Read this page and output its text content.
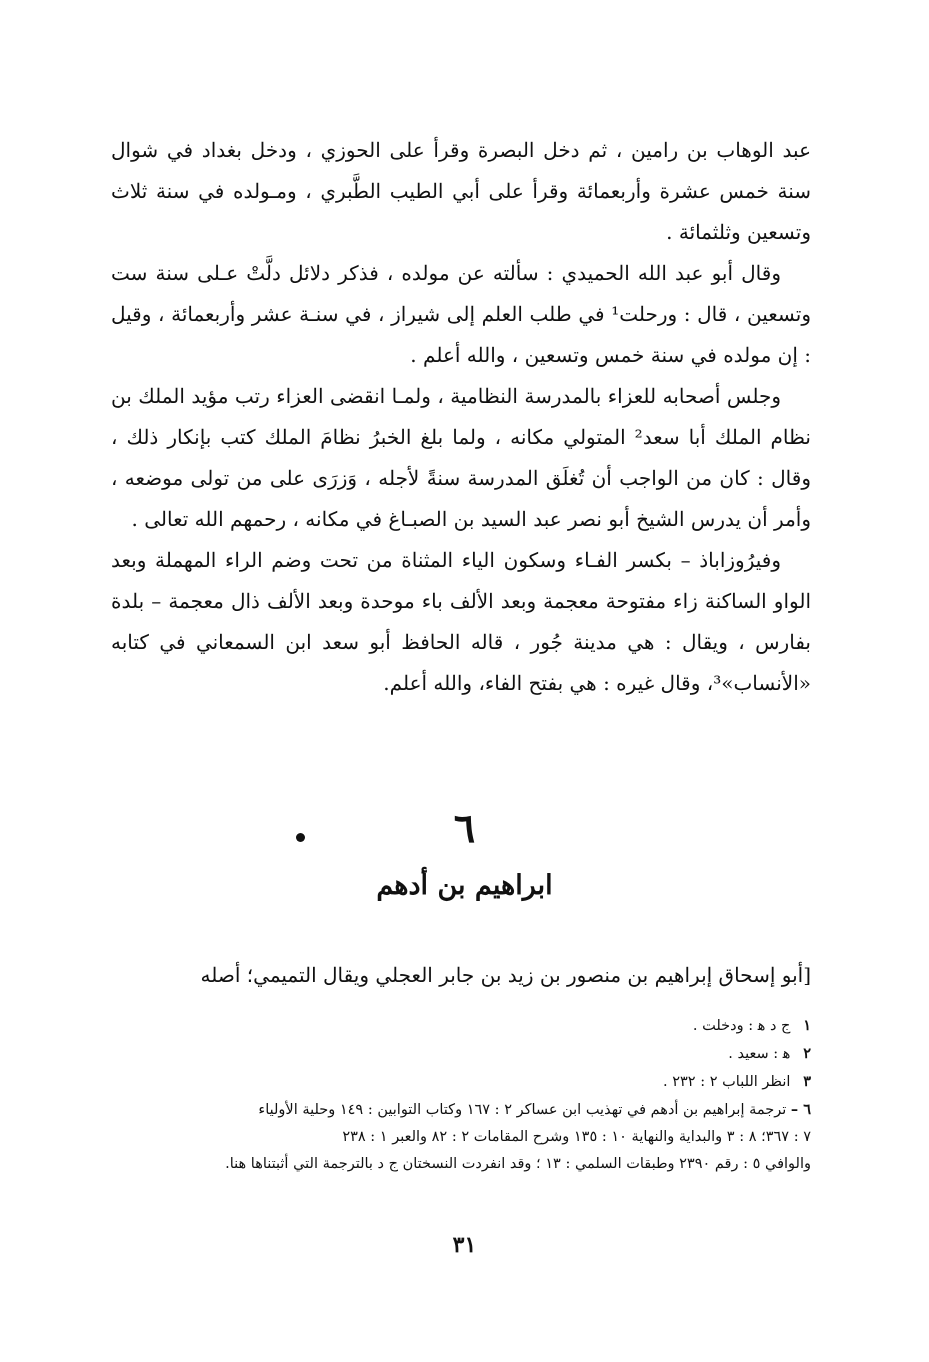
عبد الوهاب بن رامين ، ثم دخل البصرة وقرأ على الحوزي ، ودخل بغداد في شوال سنة خمس عشرة وأربعمائة وقرأ على أبي الطيب الطَّبري ، ومـولده في سنة ثلاث وتسعين وثلثمائة .

وقال أبو عبد الله الحميدي : سألته عن مولده ، فذكر دلائل دلَّتْ عـلى سنة ست وتسعين ، قال : ورحلت¹ في طلب العلم إلى شيراز ، في سنـة عشر وأربعمائة ، وقيل : إن مولده في سنة خمس وتسعين ، والله أعلم .

وجلس أصحابه للعزاء بالمدرسة النظامية ، ولمـا انقضى العزاء رتب مؤيد الملك بن نظام الملك أبا سعد² المتولي مكانه ، ولما بلغ الخبرُ نظامَ الملك كتب بإنكار ذلك ، وقال : كان من الواجب أن تُغلَق المدرسة سنةً لأجله ، وَزرَى على من تولى موضعه ، وأمر أن يدرس الشيخ أبو نصر عبد السيد بن الصبـاغ في مكانه ، رحمهم الله تعالى .

وفيرُوزاباذ – بكسر الفـاء وسكون الياء المثناة من تحت وضم الراء المهملة وبعد الواو الساكنة زاء مفتوحة معجمة وبعد الألف باء موحدة وبعد الألف ذال معجمة – بلدة بفارس ، ويقال : هي مدينة جُور ، قاله الحافظ أبو سعد ابن السمعاني في كتابه «الأنساب»³، وقال غيره : هي بفتح الفاء، والله أعلم.

٦
ابراهيم بن أدهم
[أبو إسحاق إبراهيم بن منصور بن زيد بن جابر العجلي ويقال التميمي؛ أصله

١ ج د ﻫ : ودخلت .

٢ ﻫ : سعيد .

٣ انظر اللباب ٢ : ٢٣٢ .

٦ – ترجمة إبراهيم بن أدهم في تهذيب ابن عساكر ٢ : ١٦٧ وكتاب التوابين : ١٤٩ وحلية الأولياء

٧ : ٣٦٧؛ ٨ : ٣ والبداية والنهاية ١٠ : ١٣٥ وشرح المقامات ٢ : ٨٢ والعبر ١ : ٢٣٨

والوافي ٥ : رقم ٢٣٩٠ وطبقات السلمي : ١٣ ؛ وقد انفردت النسختان ج د بالترجمة التي أثبتناها هنا.

٣١
